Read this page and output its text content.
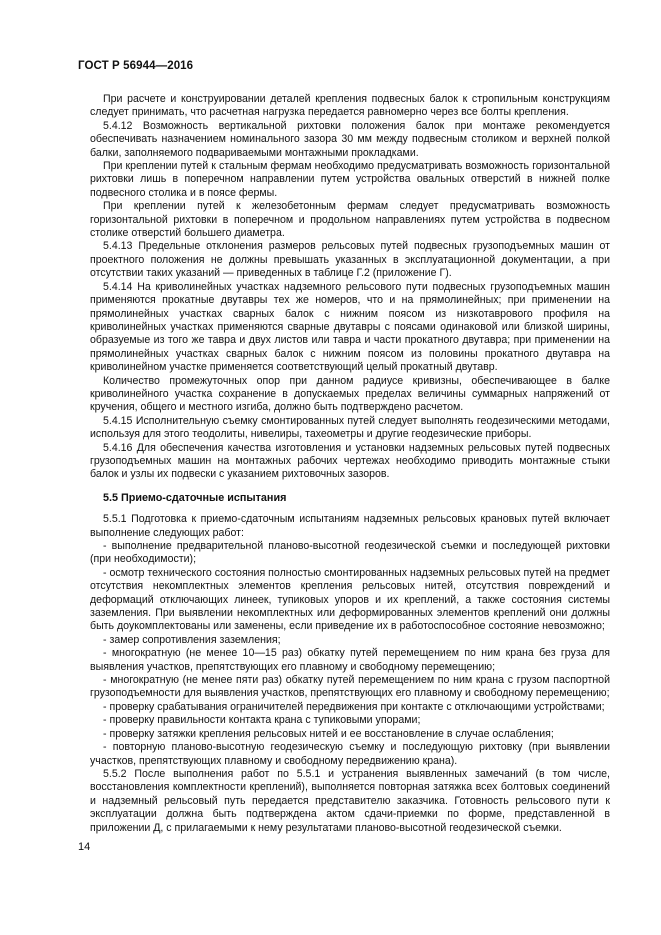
ГОСТ Р 56944—2016

При расчете и конструировании деталей крепления подвесных балок к стропильным конструкциям следует принимать, что расчетная нагрузка передается равномерно через все болты крепления.

5.4.12 Возможность вертикальной рихтовки положения балок при монтаже рекомендуется обеспечивать назначением номинального зазора 30 мм между подвесным столиком и верхней полкой балки, заполняемого подвариваемыми монтажными прокладками.

При креплении путей к стальным фермам необходимо предусматривать возможность горизонтальной рихтовки лишь в поперечном направлении путем устройства овальных отверстий в нижней полке подвесного столика и в поясе фермы.

При креплении путей к железобетонным фермам следует предусматривать возможность горизонтальной рихтовки в поперечном и продольном направлениях путем устройства в подвесном столике отверстий большего диаметра.

5.4.13 Предельные отклонения размеров рельсовых путей подвесных грузоподъемных машин от проектного положения не должны превышать указанных в эксплуатационной документации, а при отсутствии таких указаний — приведенных в таблице Г.2 (приложение Г).

5.4.14 На криволинейных участках надземного рельсового пути подвесных грузоподъемных машин применяются прокатные двутавры тех же номеров, что и на прямолинейных; при применении на прямолинейных участках сварных балок с нижним поясом из низкотаврового профиля на криволинейных участках применяются сварные двутавры с поясами одинаковой или близкой ширины, образуемые из того же тавра и двух листов или тавра и части прокатного двутавра; при применении на прямолинейных участках сварных балок с нижним поясом из половины прокатного двутавра на криволинейном участке применяется соответствующий целый прокатный двутавр.

Количество промежуточных опор при данном радиусе кривизны, обеспечивающее в балке криволинейного участка сохранение в допускаемых пределах величины суммарных напряжений от кручения, общего и местного изгиба, должно быть подтверждено расчетом.

5.4.15 Исполнительную съемку смонтированных путей следует выполнять геодезическими методами, используя для этого теодолиты, нивелиры, тахеометры и другие геодезические приборы.

5.4.16 Для обеспечения качества изготовления и установки надземных рельсовых путей подвесных грузоподъемных машин на монтажных рабочих чертежах необходимо приводить монтажные стыки балок и узлы их подвески с указанием рихтовочных зазоров.

5.5 Приемо-сдаточные испытания

5.5.1 Подготовка к приемо-сдаточным испытаниям надземных рельсовых крановых путей включает выполнение следующих работ:

- выполнение предварительной планово-высотной геодезической съемки и последующей рихтовки (при необходимости);

- осмотр технического состояния полностью смонтированных надземных рельсовых путей на предмет отсутствия некомплектных элементов крепления рельсовых нитей, отсутствия повреждений и деформаций отключающих линеек, тупиковых упоров и их креплений, а также состояния системы заземления. При выявлении некомплектных или деформированных элементов креплений они должны быть доукомплектованы или заменены, если приведение их в работоспособное состояние невозможно;

- замер сопротивления заземления;

- многократную (не менее 10—15 раз) обкатку путей перемещением по ним крана без груза для выявления участков, препятствующих его плавному и свободному перемещению;

- многократную (не менее пяти раз) обкатку путей перемещением по ним крана с грузом паспортной грузоподъемности для выявления участков, препятствующих его плавному и свободному перемещению;

- проверку срабатывания ограничителей передвижения при контакте с отключающими устройствами;

- проверку правильности контакта крана с тупиковыми упорами;

- проверку затяжки крепления рельсовых нитей и ее восстановление в случае ослабления;

- повторную планово-высотную геодезическую съемку и последующую рихтовку (при выявлении участков, препятствующих плавному и свободному передвижению крана).

5.5.2 После выполнения работ по 5.5.1 и устранения выявленных замечаний (в том числе, восстановления комплектности креплений), выполняется повторная затяжка всех болтовых соединений и надземный рельсовый путь передается представителю заказчика. Готовность рельсового пути к эксплуатации должна быть подтверждена актом сдачи-приемки по форме, представленной в приложении Д, с прилагаемыми к нему результатами планово-высотной геодезической съемки.

14
